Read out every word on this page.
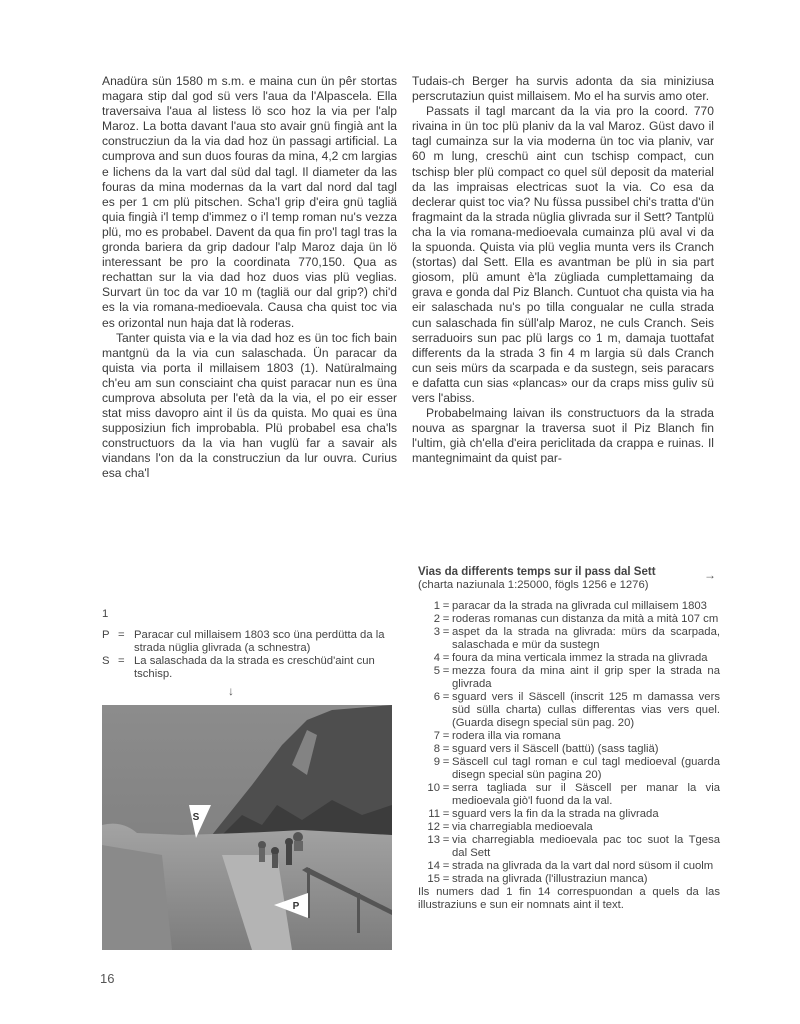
Anadüra sün 1580 m s.m. e maina cun ün pêr stortas magara stip dal god sü vers l'aua da l'Alpascela. Ella traversaiva l'aua al listess lö sco hoz la via per l'alp Maroz. La botta davant l'aua sto avair gnü fingià ant la construcziun da la via dad hoz ün passagi artificial. La cumprova and sun duos fouras da mina, 4,2 cm largias e lichens da la vart dal süd dal tagl. Il diameter da las fouras da mina modernas da la vart dal nord dal tagl es per 1 cm plü pitschen. Scha'l grip d'eira gnü tagliä quia fingià i'l temp d'immez o i'l temp roman nu's vezza plü, mo es probabel. Davent da qua fin pro'l tagl tras la gronda bariera da grip dadour l'alp Maroz daja ün lö interessant be pro la coordinata 770,150. Qua as rechattan sur la via dad hoz duos vias plü veglias. Survart ün toc da var 10 m (tagliä our dal grip?) chi'd es la via romana-medioevala. Causa cha quist toc via es orizontal nun haja dat là roderas.

Tanter quista via e la via dad hoz es ün toc fich bain mantgnü da la via cun salaschada. Ün paracar da quista via porta il millaisem 1803 (1). Natüralmaing ch'eu am sun consciaint cha quist paracar nun es üna cumprova absoluta per l'età da la via, el po eir esser stat miss davopro aint il üs da quista. Mo quai es üna supposiziun fich improbabla. Plü probabel esa cha'ls constructuors da la via han vuglü far a savair als viandans l'on da la construcziun da lur ouvra. Curius esa cha'l

Tudais-ch Berger ha survis adonta da sia miniziusa perscrutaziun quist millaisem. Mo el ha survis amo oter.

Passats il tagl marcant da la via pro la coord. 770 rivaina in ün toc plü planiv da la val Maroz. Güst davo il tagl cumainza sur la via moderna ün toc via planiv, var 60 m lung, creschü aint cun tschisp compact, cun tschisp bler plü compact co quel sül deposit da material da las impraisas electricas suot la via. Co esa da declerar quist toc via? Nu füssa pussibel chi's tratta d'ün fragmaint da la strada nüglia glivrada sur il Sett? Tantplü cha la via romana-medioevala cumainza plü aval vi da la spuonda. Quista via plü veglia munta vers ils Cranch (stortas) dal Sett. Ella es avantman be plü in sia part giosom, plü amunt è'la zügliada cumplettamaing da grava e gonda dal Piz Blanch. Cuntuot cha quista via ha eir salaschada nu's po tilla congualar ne culla strada cun salaschada fin süll'alp Maroz, ne culs Cranch. Seis serraduoirs sun pac plü largs co 1 m, damaja tuottafat differents da la strada 3 fin 4 m largia sü dals Cranch cun seis mürs da scarpada e da sustegn, seis paracars e dafatta cun sias «plancas» our da craps miss guliv sü vers l'abiss.

Probabelmaing laivan ils constructuors da la strada nouva as spargnar la traversa suot il Piz Blanch fin l'ultim, già ch'ella d'eira periclitada da crappa e ruinas. Il mantegnimaint da quist par-

1
P = Paracar cul millaisem 1803 sco üna perdütta da la strada nüglia glivrada (a schnestra)
S = La salaschada da la strada es creschüd'aint cun tschisp.
↓
S
P
Vias da differents temps sur il pass dal Sett
(charta naziunala 1:25000, fögls 1256 e 1276)
1 = paracar da la strada na glivrada cul millaisem 1803
2 = roderas romanas cun distanza da mità a mità 107 cm
3 = aspet da la strada na glivrada: mürs da scarpada, salaschada e mür da sustegn
4 = foura da mina verticala immez la strada na glivrada
5 = mezza foura da mina aint il grip sper la strada na glivrada
6 = sguard vers il Säscell (inscrit 125 m damassa vers süd sülla charta) cullas differentas vias vers quel. (Guarda disegn special sün pag. 20)
7 = rodera illa via romana
8 = sguard vers il Säscell (battü) (sass tagliä)
9 = Säscell cul tagl roman e cul tagl medioeval (guarda disegn special sün pagina 20)
10 = serra tagliada sur il Säscell per manar la via medioevala giò'l fuond da la val.
11 = sguard vers la fin da la strada na glivrada
12 = via charregiabla medioevala
13 = via charregiabla medioevala pac toc suot la Tgesa dal Sett
14 = strada na glivrada da la vart dal nord süsom il cuolm
15 = strada na glivrada (l'illustraziun manca)
Ils numers dad 1 fin 14 correspuondan a quels da las illustraziuns e sun eir nomnats aint il text.
→
16
